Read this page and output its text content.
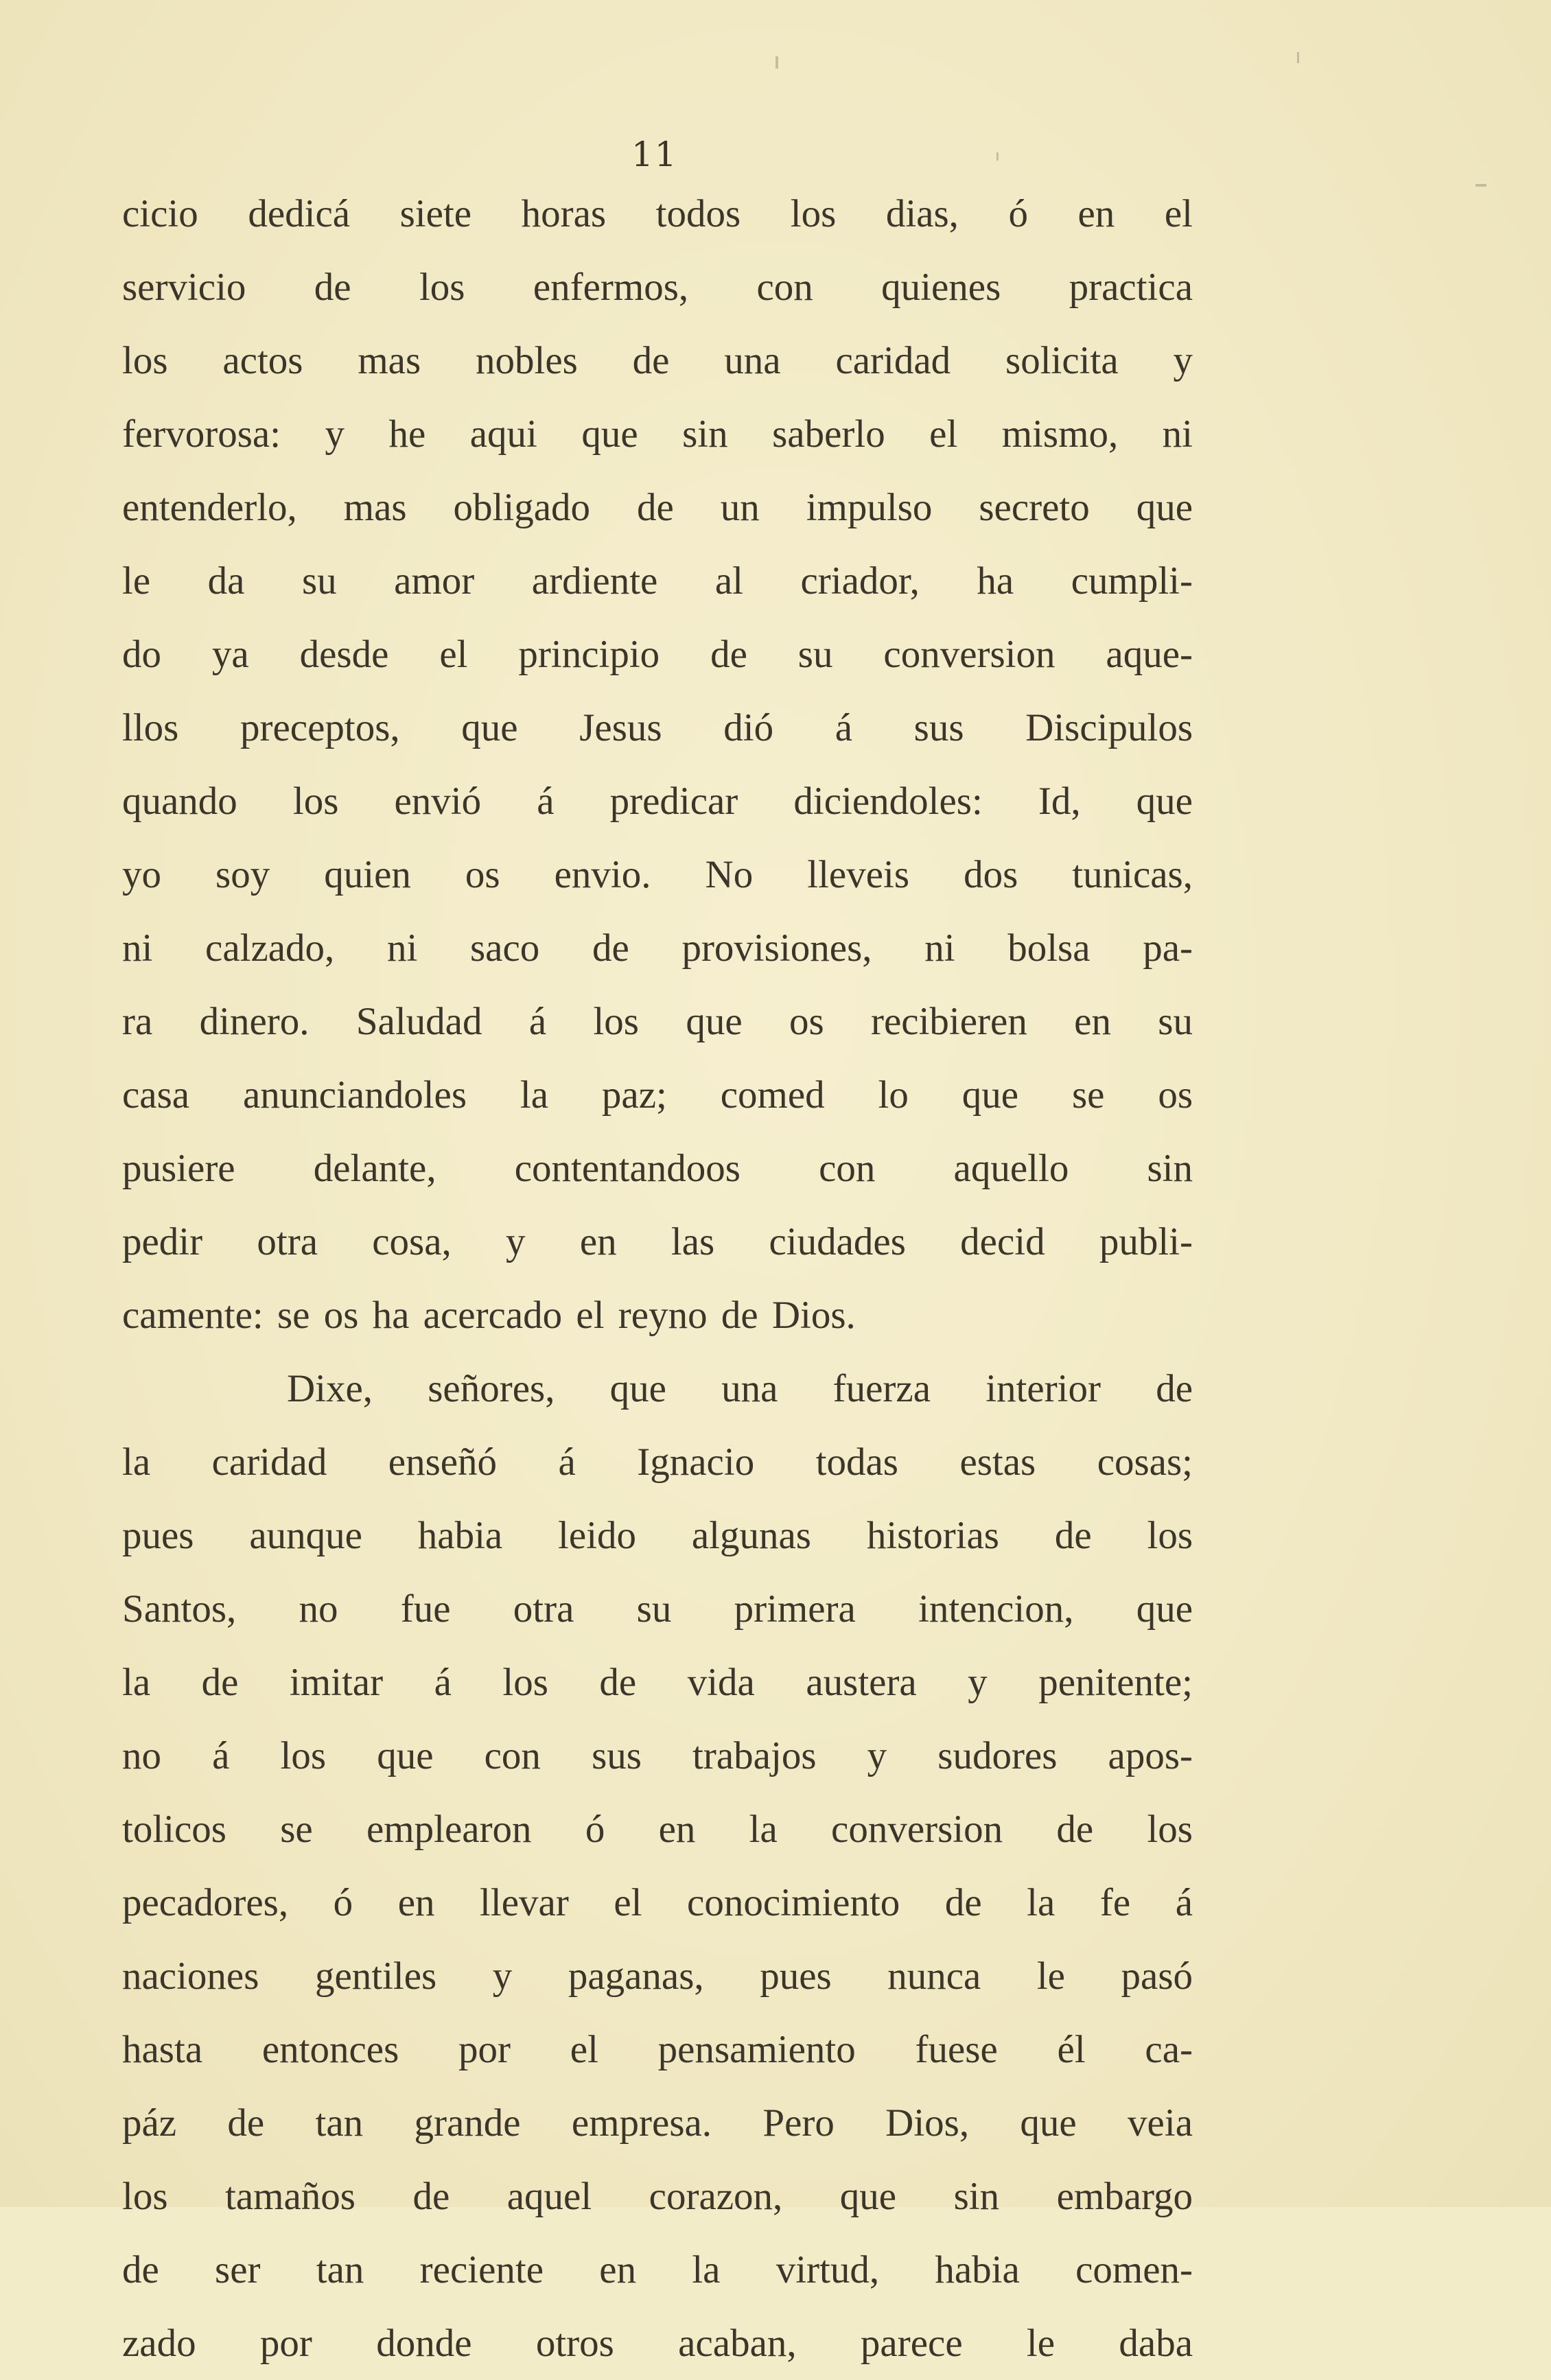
11
cicio dedicá siete horas todos los dias, ó en el
servicio de los enfermos, con quienes practica
los actos mas nobles de una caridad solicita y
fervorosa: y he aqui que sin saberlo el mismo, ni
entenderlo, mas obligado de un impulso secreto que
le da su amor ardiente al criador, ha cumpli-
do ya desde el principio de su conversion aque-
llos preceptos, que Jesus dió á sus Discipulos
quando los envió á predicar diciendoles: Id, que
yo soy quien os envio. No lleveis dos tunicas,
ni calzado, ni saco de provisiones, ni bolsa pa-
ra dinero. Saludad á los que os recibieren en su
casa anunciandoles la paz; comed lo que se os
pusiere delante, contentandoos con aquello sin
pedir otra cosa, y en las ciudades decid publi-
camente: se os ha acercado el reyno de Dios.
Dixe, señores, que una fuerza interior de
la caridad enseñó á Ignacio todas estas cosas;
pues aunque habia leido algunas historias de los
Santos, no fue otra su primera intencion, que
la de imitar á los de vida austera y penitente;
no á los que con sus trabajos y sudores apos-
tolicos se emplearon ó en la conversion de los
pecadores, ó en llevar el conocimiento de la fe á
naciones gentiles y paganas, pues nunca le pasó
hasta entonces por el pensamiento fuese él ca-
páz de tan grande empresa. Pero Dios, que veia
los tamaños de aquel corazon, que sin embargo
de ser tan reciente en la virtud, habia comen-
zado por donde otros acaban, parece le daba
